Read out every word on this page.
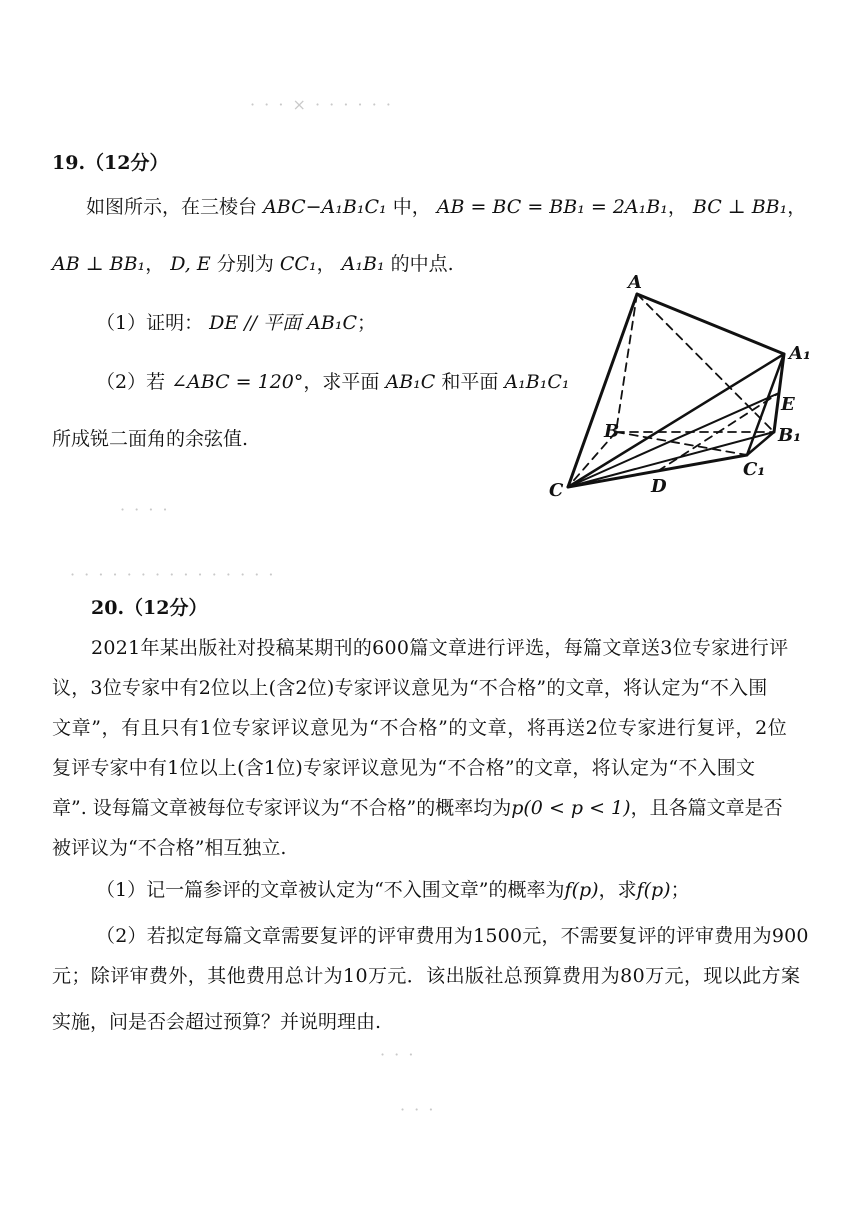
· · · × · · · · · ·
· · · ·
· · · · · · · · · · · · · · ·
19.（12分）
如图所示，在三棱台 ABC−A₁B₁C₁ 中， AB = BC = BB₁ = 2A₁B₁， BC ⊥ BB₁，
AB ⊥ BB₁， D, E 分别为 CC₁， A₁B₁ 的中点.
（1）证明： DE // 平面 AB₁C；
（2）若 ∠ABC = 120°，求平面 AB₁C 和平面 A₁B₁C₁
所成锐二面角的余弦值.
A
A₁
E
B	B₁
C₁
C	D
20.（12分）
2021年某出版社对投稿某期刊的600篇文章进行评选，每篇文章送3位专家进行评
议，3位专家中有2位以上(含2位)专家评议意见为“不合格”的文章，将认定为“不入围
文章”，有且只有1位专家评议意见为“不合格”的文章，将再送2位专家进行复评，2位
复评专家中有1位以上(含1位)专家评议意见为“不合格”的文章，将认定为“不入围文
章”. 设每篇文章被每位专家评议为“不合格”的概率均为p(0 < p < 1)，且各篇文章是否
被评议为“不合格”相互独立.
（1）记一篇参评的文章被认定为“不入围文章”的概率为f(p)，求f(p)；
（2）若拟定每篇文章需要复评的评审费用为1500元，不需要复评的评审费用为900
元；除评审费外，其他费用总计为10万元．该出版社总预算费用为80万元，现以此方案
实施，问是否会超过预算？并说明理由.
· · ·
· · ·
